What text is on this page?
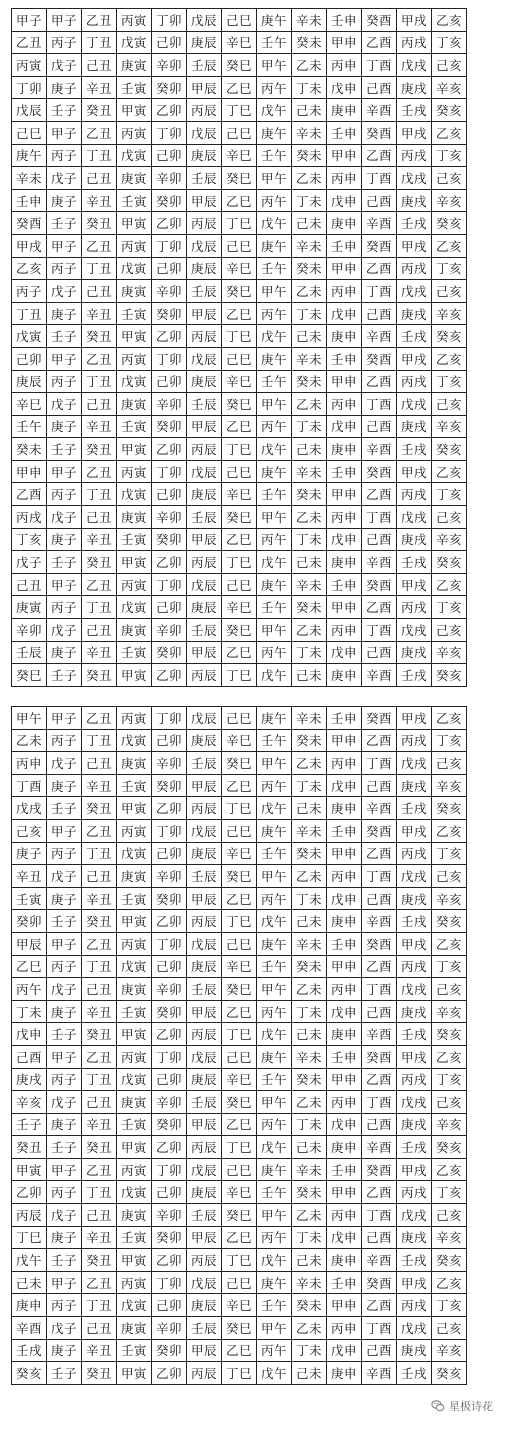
甲子	甲子	乙丑	丙寅	丁卯	戊辰	己巳	庚午	辛未	壬申	癸酉	甲戌	乙亥
乙丑	丙子	丁丑	戊寅	己卯	庚辰	辛巳	壬午	癸未	甲申	乙酉	丙戌	丁亥
丙寅	戊子	己丑	庚寅	辛卯	壬辰	癸巳	甲午	乙未	丙申	丁酉	戊戌	己亥
丁卯	庚子	辛丑	壬寅	癸卯	甲辰	乙巳	丙午	丁未	戊申	己酉	庚戌	辛亥
戊辰	壬子	癸丑	甲寅	乙卯	丙辰	丁巳	戊午	己未	庚申	辛酉	壬戌	癸亥
己巳	甲子	乙丑	丙寅	丁卯	戊辰	己巳	庚午	辛未	壬申	癸酉	甲戌	乙亥
庚午	丙子	丁丑	戊寅	己卯	庚辰	辛巳	壬午	癸未	甲申	乙酉	丙戌	丁亥
辛未	戊子	己丑	庚寅	辛卯	壬辰	癸巳	甲午	乙未	丙申	丁酉	戊戌	己亥
壬申	庚子	辛丑	壬寅	癸卯	甲辰	乙巳	丙午	丁未	戊申	己酉	庚戌	辛亥
癸酉	壬子	癸丑	甲寅	乙卯	丙辰	丁巳	戊午	己未	庚申	辛酉	壬戌	癸亥
甲戌	甲子	乙丑	丙寅	丁卯	戊辰	己巳	庚午	辛未	壬申	癸酉	甲戌	乙亥
乙亥	丙子	丁丑	戊寅	己卯	庚辰	辛巳	壬午	癸未	甲申	乙酉	丙戌	丁亥
丙子	戊子	己丑	庚寅	辛卯	壬辰	癸巳	甲午	乙未	丙申	丁酉	戊戌	己亥
丁丑	庚子	辛丑	壬寅	癸卯	甲辰	乙巳	丙午	丁未	戊申	己酉	庚戌	辛亥
戊寅	壬子	癸丑	甲寅	乙卯	丙辰	丁巳	戊午	己未	庚申	辛酉	壬戌	癸亥
己卯	甲子	乙丑	丙寅	丁卯	戊辰	己巳	庚午	辛未	壬申	癸酉	甲戌	乙亥
庚辰	丙子	丁丑	戊寅	己卯	庚辰	辛巳	壬午	癸未	甲申	乙酉	丙戌	丁亥
辛巳	戊子	己丑	庚寅	辛卯	壬辰	癸巳	甲午	乙未	丙申	丁酉	戊戌	己亥
壬午	庚子	辛丑	壬寅	癸卯	甲辰	乙巳	丙午	丁未	戊申	己酉	庚戌	辛亥
癸未	壬子	癸丑	甲寅	乙卯	丙辰	丁巳	戊午	己未	庚申	辛酉	壬戌	癸亥
甲申	甲子	乙丑	丙寅	丁卯	戊辰	己巳	庚午	辛未	壬申	癸酉	甲戌	乙亥
乙酉	丙子	丁丑	戊寅	己卯	庚辰	辛巳	壬午	癸未	甲申	乙酉	丙戌	丁亥
丙戌	戊子	己丑	庚寅	辛卯	壬辰	癸巳	甲午	乙未	丙申	丁酉	戊戌	己亥
丁亥	庚子	辛丑	壬寅	癸卯	甲辰	乙巳	丙午	丁未	戊申	己酉	庚戌	辛亥
戊子	壬子	癸丑	甲寅	乙卯	丙辰	丁巳	戊午	己未	庚申	辛酉	壬戌	癸亥
己丑	甲子	乙丑	丙寅	丁卯	戊辰	己巳	庚午	辛未	壬申	癸酉	甲戌	乙亥
庚寅	丙子	丁丑	戊寅	己卯	庚辰	辛巳	壬午	癸未	甲申	乙酉	丙戌	丁亥
辛卯	戊子	己丑	庚寅	辛卯	壬辰	癸巳	甲午	乙未	丙申	丁酉	戊戌	己亥
壬辰	庚子	辛丑	壬寅	癸卯	甲辰	乙巳	丙午	丁未	戊申	己酉	庚戌	辛亥
癸巳	壬子	癸丑	甲寅	乙卯	丙辰	丁巳	戊午	己未	庚申	辛酉	壬戌	癸亥
甲午	甲子	乙丑	丙寅	丁卯	戊辰	己巳	庚午	辛未	壬申	癸酉	甲戌	乙亥
乙未	丙子	丁丑	戊寅	己卯	庚辰	辛巳	壬午	癸未	甲申	乙酉	丙戌	丁亥
丙申	戊子	己丑	庚寅	辛卯	壬辰	癸巳	甲午	乙未	丙申	丁酉	戊戌	己亥
丁酉	庚子	辛丑	壬寅	癸卯	甲辰	乙巳	丙午	丁未	戊申	己酉	庚戌	辛亥
戊戌	壬子	癸丑	甲寅	乙卯	丙辰	丁巳	戊午	己未	庚申	辛酉	壬戌	癸亥
己亥	甲子	乙丑	丙寅	丁卯	戊辰	己巳	庚午	辛未	壬申	癸酉	甲戌	乙亥
庚子	丙子	丁丑	戊寅	己卯	庚辰	辛巳	壬午	癸未	甲申	乙酉	丙戌	丁亥
辛丑	戊子	己丑	庚寅	辛卯	壬辰	癸巳	甲午	乙未	丙申	丁酉	戊戌	己亥
壬寅	庚子	辛丑	壬寅	癸卯	甲辰	乙巳	丙午	丁未	戊申	己酉	庚戌	辛亥
癸卯	壬子	癸丑	甲寅	乙卯	丙辰	丁巳	戊午	己未	庚申	辛酉	壬戌	癸亥
甲辰	甲子	乙丑	丙寅	丁卯	戊辰	己巳	庚午	辛未	壬申	癸酉	甲戌	乙亥
乙巳	丙子	丁丑	戊寅	己卯	庚辰	辛巳	壬午	癸未	甲申	乙酉	丙戌	丁亥
丙午	戊子	己丑	庚寅	辛卯	壬辰	癸巳	甲午	乙未	丙申	丁酉	戊戌	己亥
丁未	庚子	辛丑	壬寅	癸卯	甲辰	乙巳	丙午	丁未	戊申	己酉	庚戌	辛亥
戊申	壬子	癸丑	甲寅	乙卯	丙辰	丁巳	戊午	己未	庚申	辛酉	壬戌	癸亥
己酉	甲子	乙丑	丙寅	丁卯	戊辰	己巳	庚午	辛未	壬申	癸酉	甲戌	乙亥
庚戌	丙子	丁丑	戊寅	己卯	庚辰	辛巳	壬午	癸未	甲申	乙酉	丙戌	丁亥
辛亥	戊子	己丑	庚寅	辛卯	壬辰	癸巳	甲午	乙未	丙申	丁酉	戊戌	己亥
壬子	庚子	辛丑	壬寅	癸卯	甲辰	乙巳	丙午	丁未	戊申	己酉	庚戌	辛亥
癸丑	壬子	癸丑	甲寅	乙卯	丙辰	丁巳	戊午	己未	庚申	辛酉	壬戌	癸亥
甲寅	甲子	乙丑	丙寅	丁卯	戊辰	己巳	庚午	辛未	壬申	癸酉	甲戌	乙亥
乙卯	丙子	丁丑	戊寅	己卯	庚辰	辛巳	壬午	癸未	甲申	乙酉	丙戌	丁亥
丙辰	戊子	己丑	庚寅	辛卯	壬辰	癸巳	甲午	乙未	丙申	丁酉	戊戌	己亥
丁巳	庚子	辛丑	壬寅	癸卯	甲辰	乙巳	丙午	丁未	戊申	己酉	庚戌	辛亥
戊午	壬子	癸丑	甲寅	乙卯	丙辰	丁巳	戊午	己未	庚申	辛酉	壬戌	癸亥
己未	甲子	乙丑	丙寅	丁卯	戊辰	己巳	庚午	辛未	壬申	癸酉	甲戌	乙亥
庚申	丙子	丁丑	戊寅	己卯	庚辰	辛巳	壬午	癸未	甲申	乙酉	丙戌	丁亥
辛酉	戊子	己丑	庚寅	辛卯	壬辰	癸巳	甲午	乙未	丙申	丁酉	戊戌	己亥
壬戌	庚子	辛丑	壬寅	癸卯	甲辰	乙巳	丙午	丁未	戊申	己酉	庚戌	辛亥
癸亥	壬子	癸丑	甲寅	乙卯	丙辰	丁巳	戊午	己未	庚申	辛酉	壬戌	癸亥
星极诗花
